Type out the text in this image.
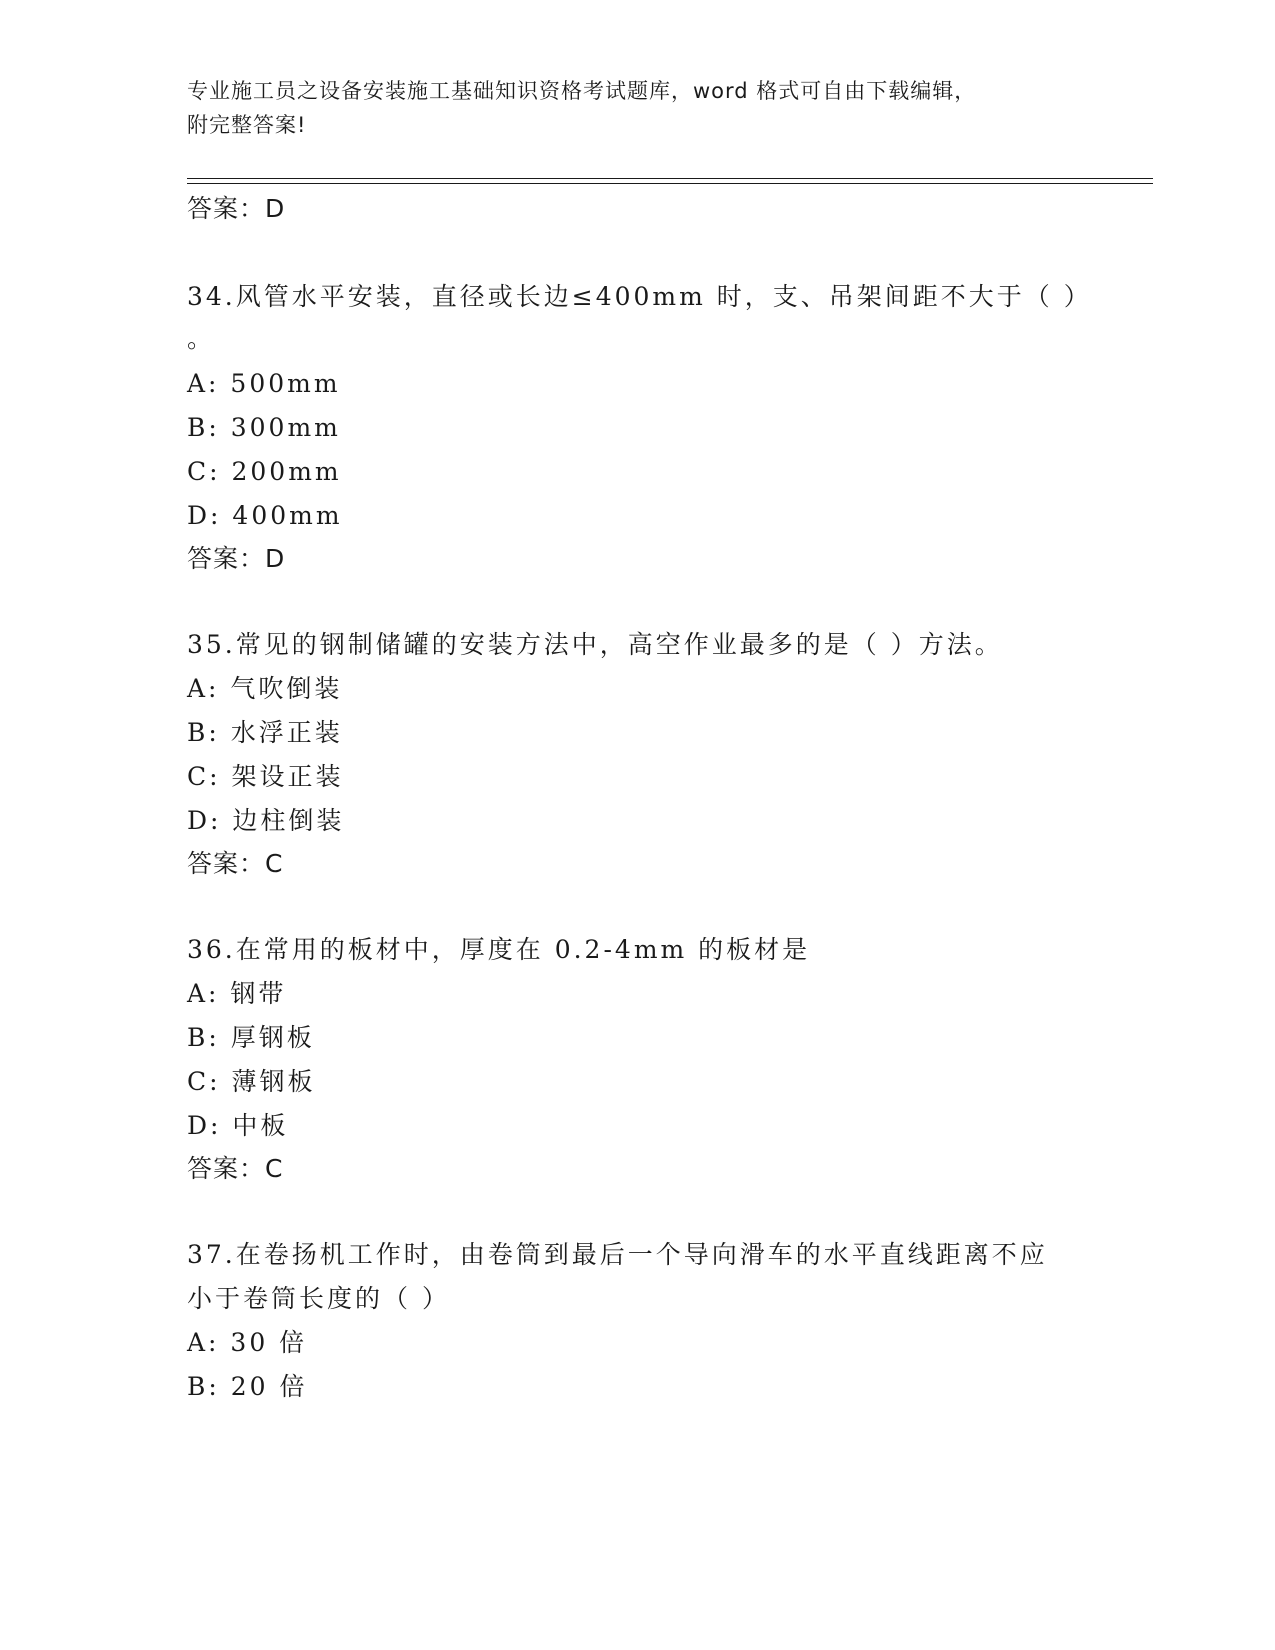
专业施工员之设备安装施工基础知识资格考试题库，word 格式可自由下载编辑，
附完整答案!

答案：D

34.风管水平安装，直径或长边≤400mm 时，支、吊架间距不大于（ ）

。

A: 500mm

B: 300mm

C: 200mm

D: 400mm

答案：D

35.常见的钢制储罐的安装方法中，高空作业最多的是（ ）方法。

A: 气吹倒装

B: 水浮正装

C: 架设正装

D: 边柱倒装

答案：C

36.在常用的板材中，厚度在 0.2-4mm 的板材是

A: 钢带

B: 厚钢板

C: 薄钢板

D: 中板

答案：C

37.在卷扬机工作时，由卷筒到最后一个导向滑车的水平直线距离不应

小于卷筒长度的（ ）

A: 30 倍

B: 20 倍
